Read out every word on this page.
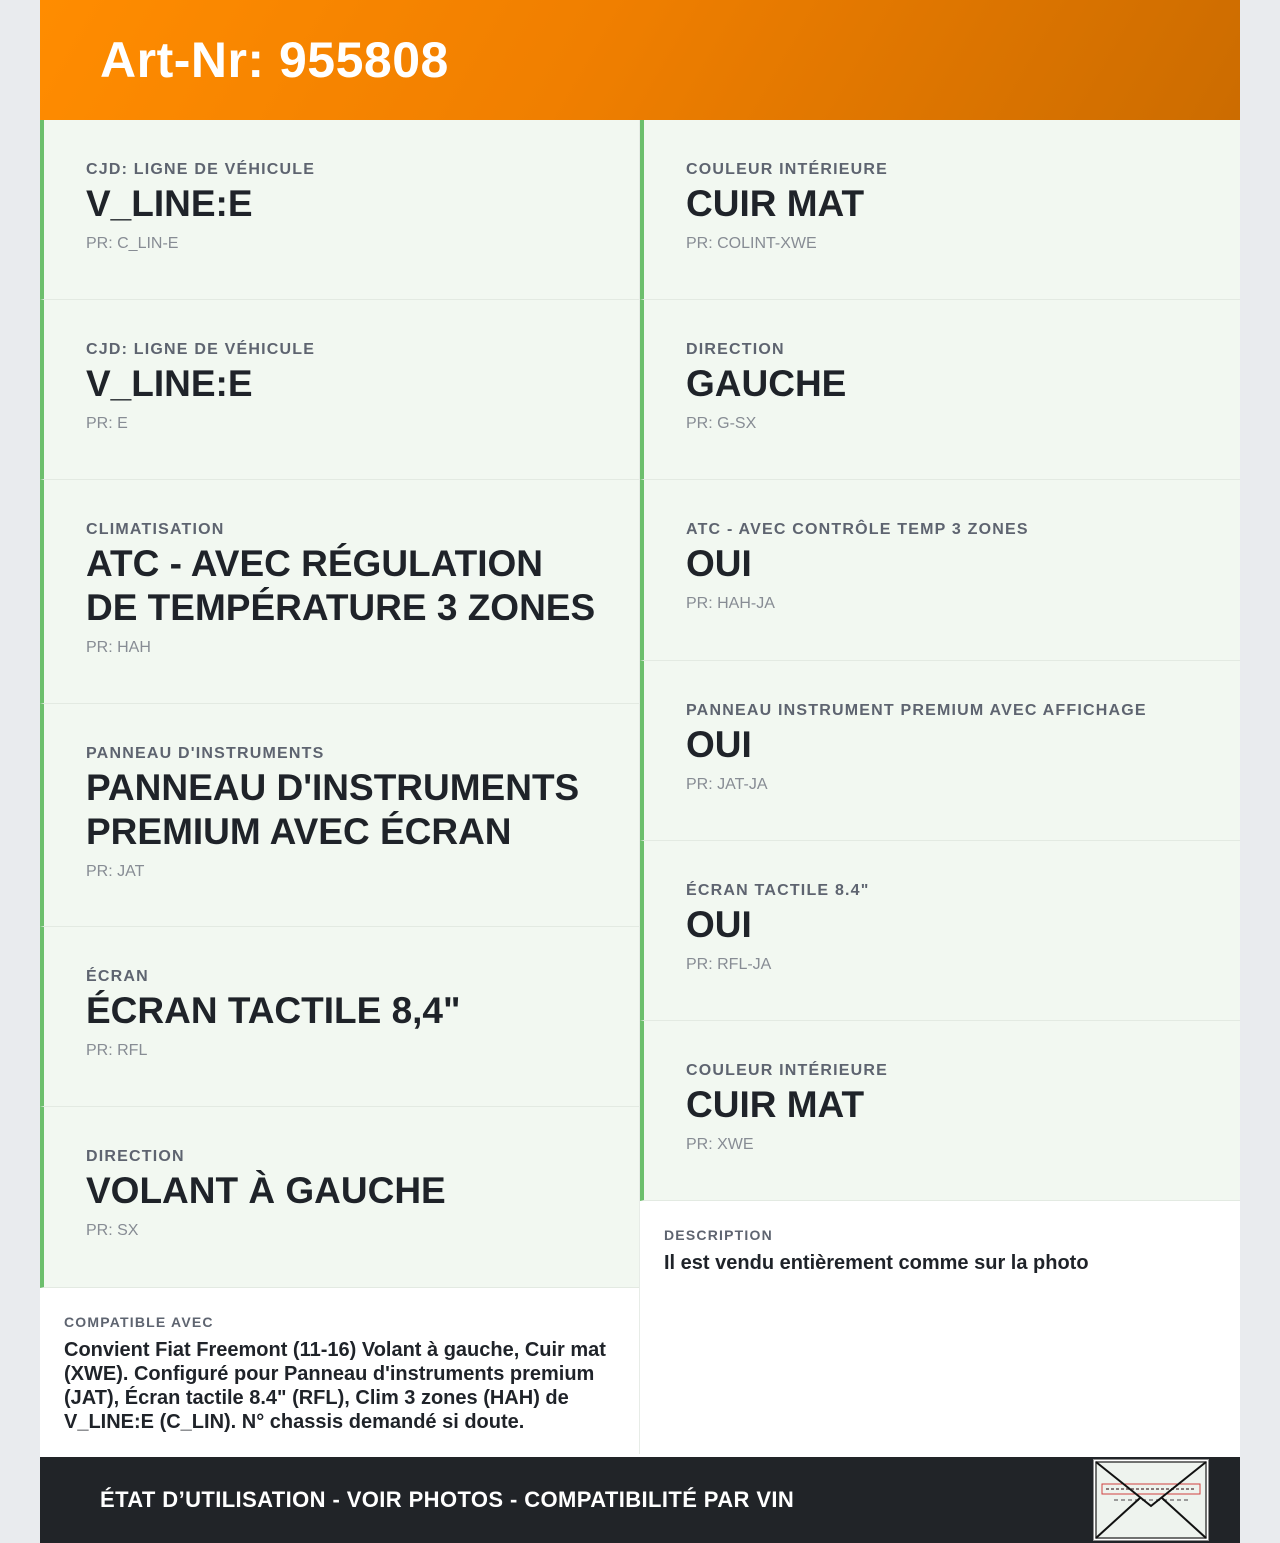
Art-Nr: 955808
CJD: LIGNE DE VÉHICULE
V_LINE:E
PR: C_LIN-E
CJD: LIGNE DE VÉHICULE
V_LINE:E
PR: E
CLIMATISATION
ATC - AVEC RÉGULATION DE TEMPÉRATURE 3 ZONES
PR: HAH
PANNEAU D'INSTRUMENTS
PANNEAU D'INSTRUMENTS PREMIUM AVEC ÉCRAN
PR: JAT
ÉCRAN
ÉCRAN TACTILE 8,4"
PR: RFL
DIRECTION
VOLANT À GAUCHE
PR: SX
COMPATIBLE AVEC
Convient Fiat Freemont (11-16) Volant à gauche, Cuir mat (XWE). Configuré pour Panneau d'instruments premium (JAT), Écran tactile 8.4" (RFL), Clim 3 zones (HAH) de V_LINE:E (C_LIN). N° chassis demandé si doute.
COULEUR INTÉRIEURE
CUIR MAT
PR: COLINT-XWE
DIRECTION
GAUCHE
PR: G-SX
ATC - AVEC CONTRÔLE TEMP 3 ZONES
OUI
PR: HAH-JA
PANNEAU INSTRUMENT PREMIUM AVEC AFFICHAGE
OUI
PR: JAT-JA
ÉCRAN TACTILE 8.4"
OUI
PR: RFL-JA
COULEUR INTÉRIEURE
CUIR MAT
PR: XWE
DESCRIPTION
Il est vendu entièrement comme sur la photo
ÉTAT D’UTILISATION - VOIR PHOTOS - COMPATIBILITÉ PAR VIN
